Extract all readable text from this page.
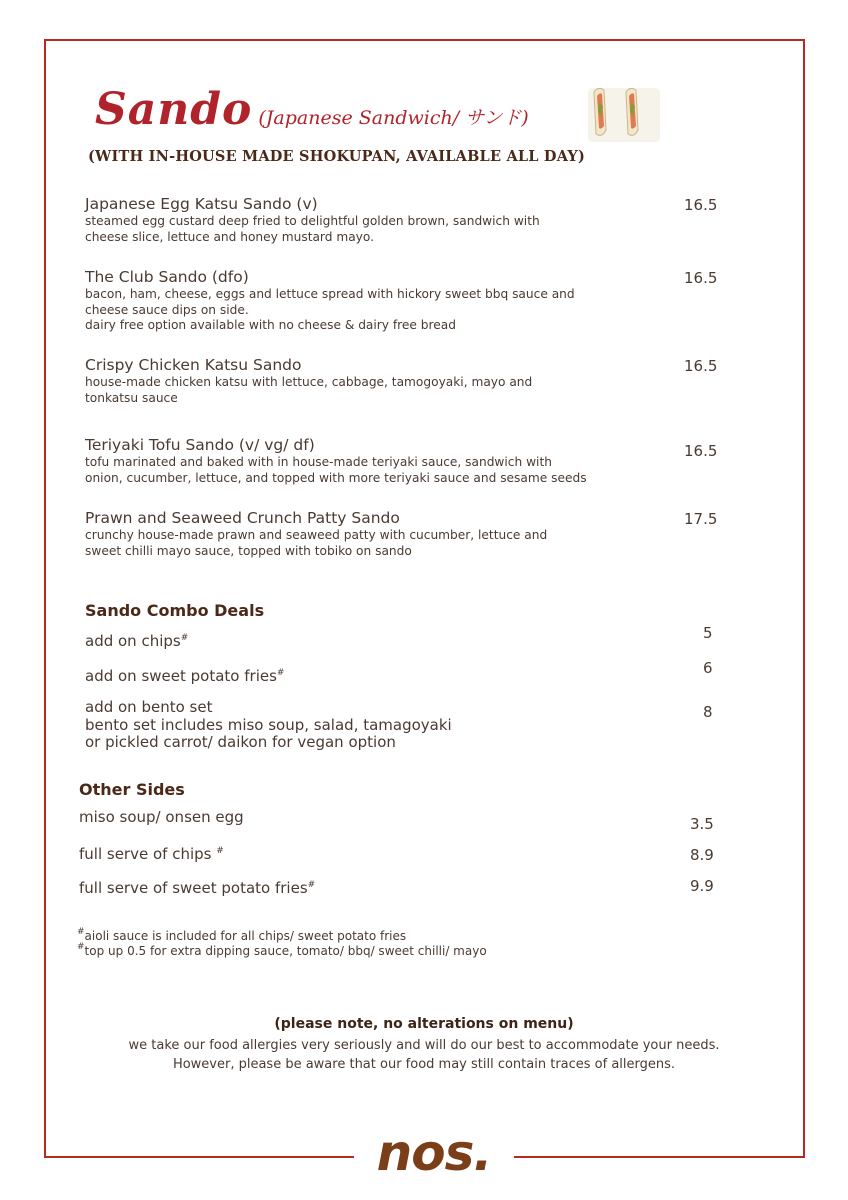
Sando (Japanese Sandwich/ サンド)
(WITH IN-HOUSE MADE SHOKUPAN, AVAILABLE ALL DAY)
Japanese Egg Katsu Sando (v)
steamed egg custard deep fried to delightful golden brown, sandwich with
cheese slice, lettuce and honey mustard mayo.
16.5
The Club Sando (dfo)
bacon, ham, cheese, eggs and lettuce spread with hickory sweet bbq sauce and
cheese sauce dips on side.
dairy free option available with no cheese & dairy free bread
16.5
Crispy Chicken Katsu Sando
house-made chicken katsu with lettuce, cabbage, tamogoyaki, mayo and
tonkatsu sauce
16.5
Teriyaki Tofu Sando (v/ vg/ df)
tofu marinated and baked with in house-made teriyaki sauce, sandwich with
onion, cucumber, lettuce, and topped with more teriyaki sauce and sesame seeds
16.5
Prawn and Seaweed Crunch Patty Sando
crunchy house-made prawn and seaweed patty with cucumber, lettuce and
sweet chilli mayo sauce, topped with tobiko on sando
17.5
Sando Combo Deals
add on chips#	5
add on sweet potato fries#	6
add on bento set
bento set includes miso soup, salad, tamagoyaki
or pickled carrot/ daikon for vegan option
8
Other Sides
miso soup/ onsen egg	3.5
full serve of chips #	8.9
full serve of sweet potato fries#	9.9
#aioli sauce is included for all chips/ sweet potato fries
#top up 0.5 for extra dipping sauce, tomato/ bbq/ sweet chilli/ mayo
(please note, no alterations on menu)
we take our food allergies very seriously and will do our best to accommodate your needs.
However, please be aware that our food may still contain traces of allergens.
nos.
